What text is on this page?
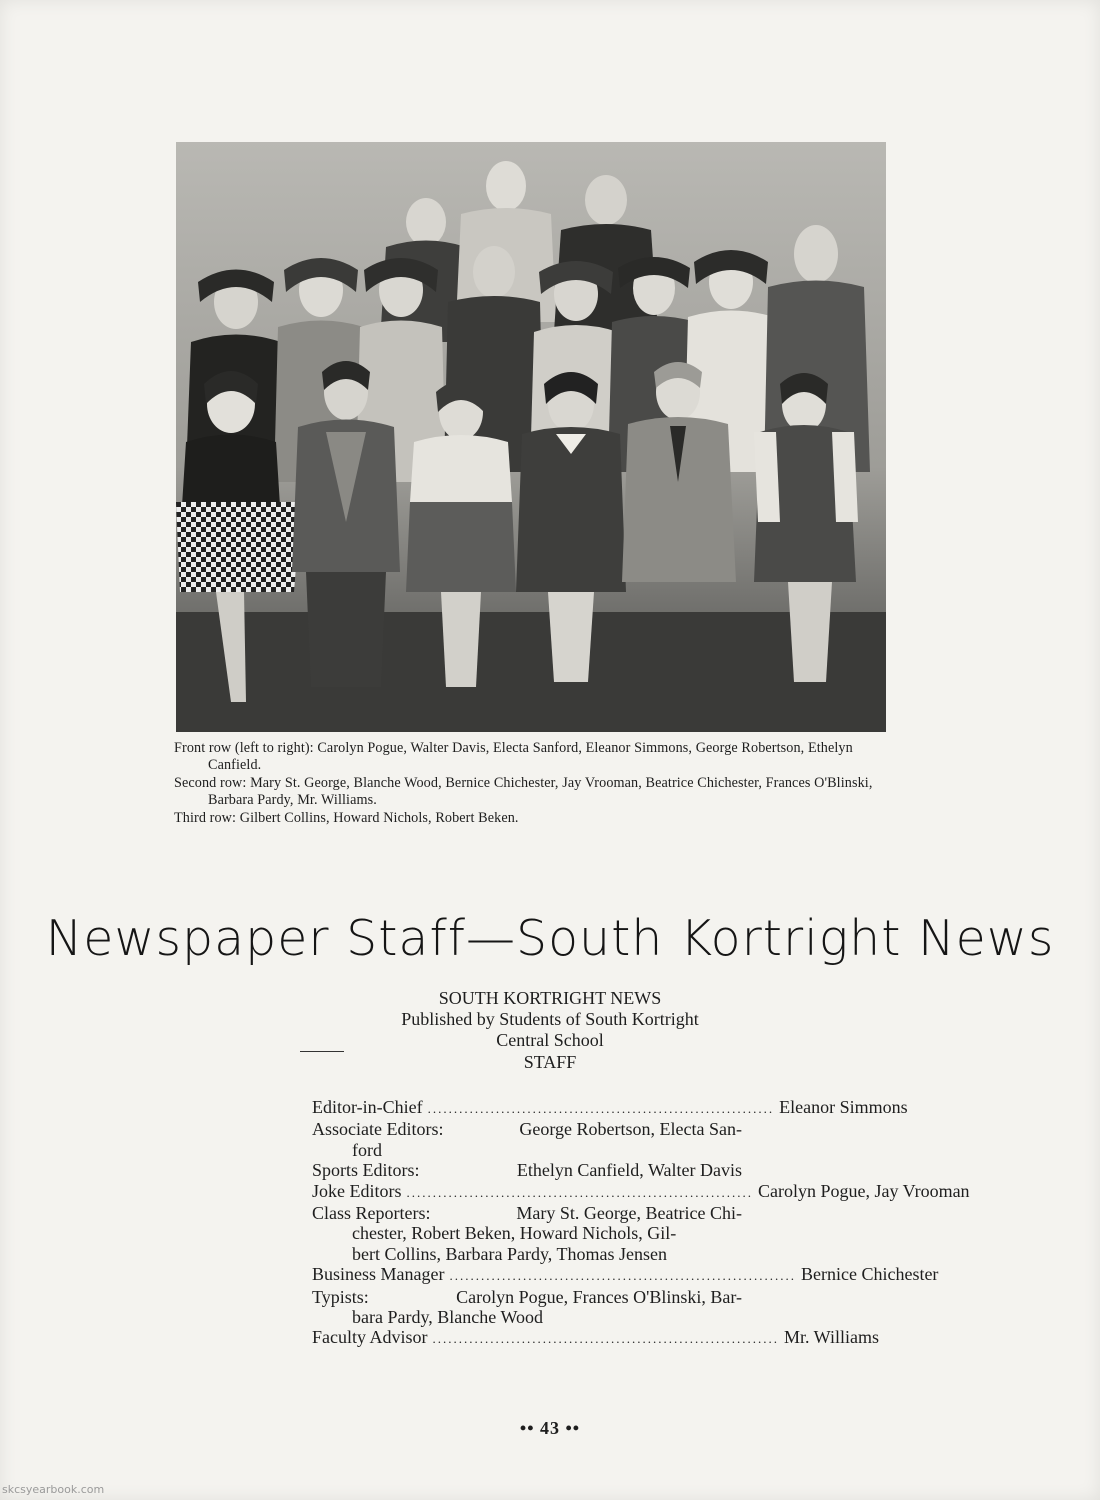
Front row (left to right): Carolyn Pogue, Walter Davis, Electa Sanford, Eleanor Simmons, George Robertson, Ethelyn Canfield.

Second row: Mary St. George, Blanche Wood, Bernice Chichester, Jay Vrooman, Beatrice Chichester, Frances O'Blinski, Barbara Pardy, Mr. Williams.

Third row: Gilbert Collins, Howard Nichols, Robert Beken.

Newspaper Staff—South Kortright News
SOUTH KORTRIGHT NEWS
Published by Students of South Kortright
Central School
STAFF
Editor-in-Chief .................................................................. Eleanor Simmons
Associate Editors:	George Robertson, Electa San-
ford
Sports Editors:	Ethelyn Canfield, Walter Davis
Joke Editors .................................................................. Carolyn Pogue, Jay Vrooman
Class Reporters:	Mary St. George, Beatrice Chi-
chester, Robert Beken, Howard Nichols, Gil-
bert Collins, Barbara Pardy, Thomas Jensen
Business Manager .................................................................. Bernice Chichester
Typists:	Carolyn Pogue, Frances O'Blinski, Bar-
bara Pardy, Blanche Wood
Faculty Advisor .................................................................. Mr. Williams
•• 43 ••
skcsyearbook.com
